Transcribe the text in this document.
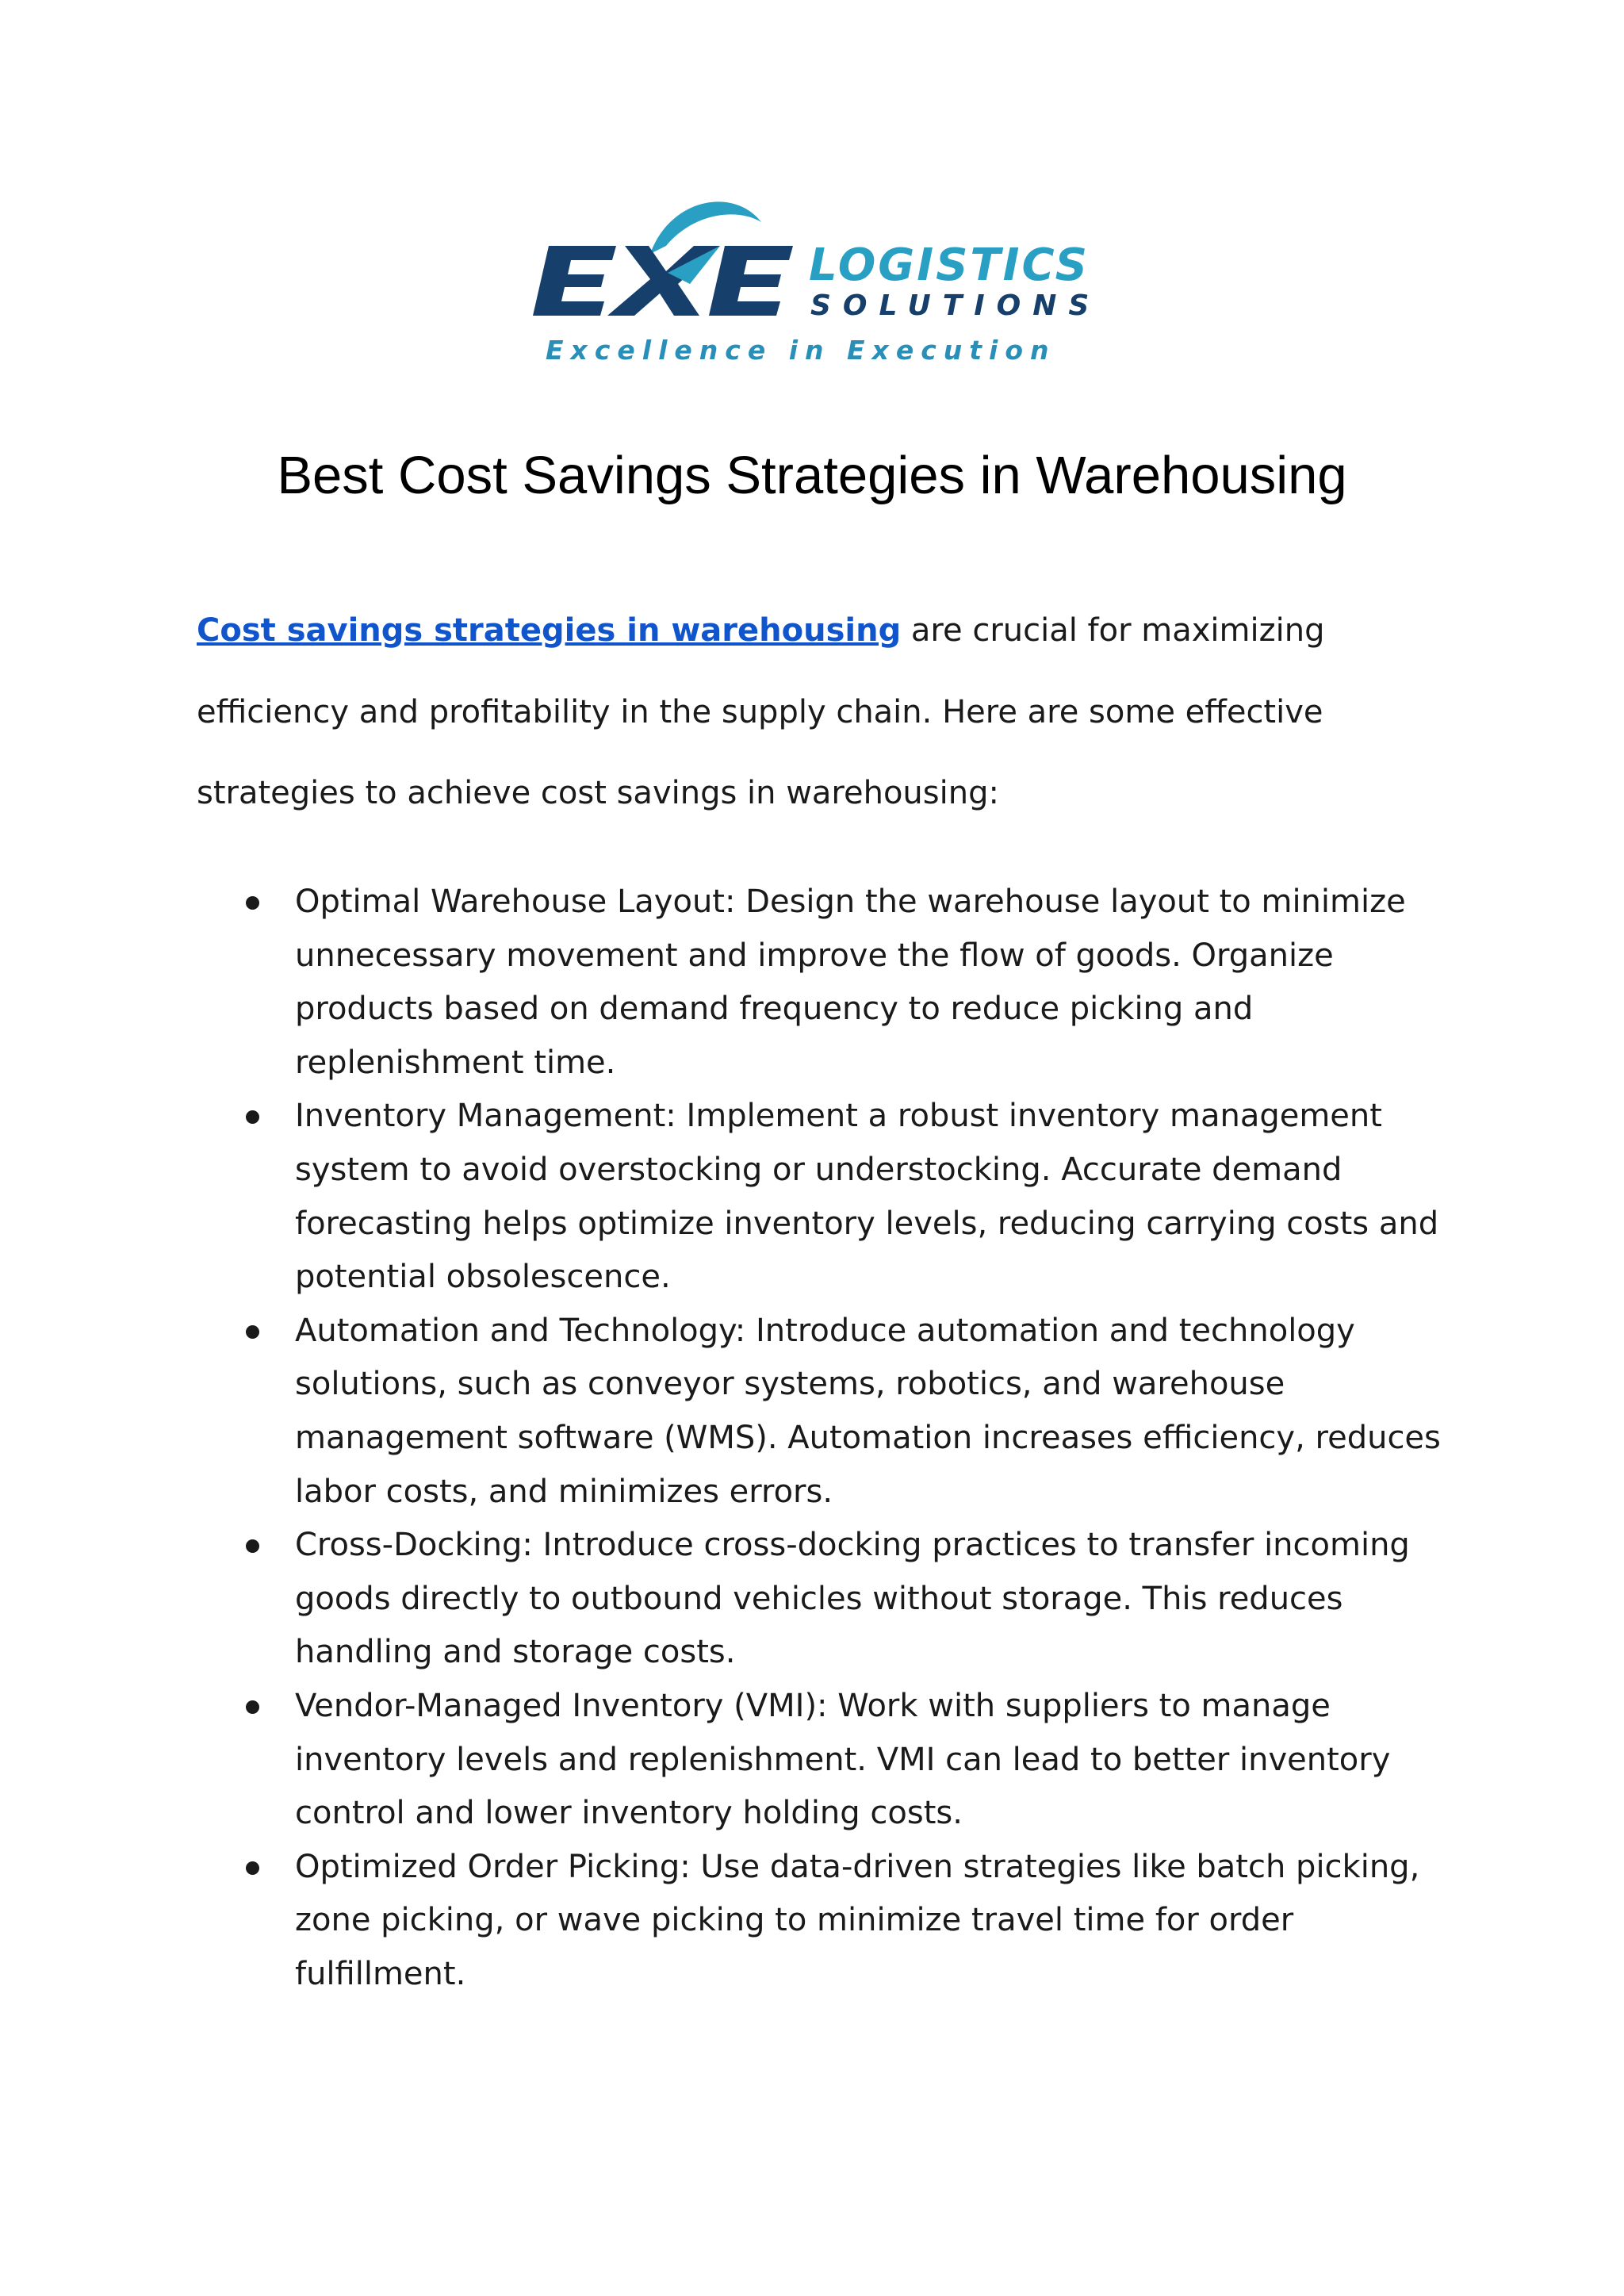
LOGISTICS
SOLUTIONS
Excellence in Execution
Best Cost Savings Strategies in Warehousing

Cost savings strategies in warehousing are crucial for maximizing efficiency and profitability in the supply chain. Here are some effective strategies to achieve cost savings in warehousing:

Optimal Warehouse Layout: Design the warehouse layout to minimize unnecessary movement and improve the flow of goods. Organize products based on demand frequency to reduce picking and replenishment time.
Inventory Management: Implement a robust inventory management system to avoid overstocking or understocking. Accurate demand forecasting helps optimize inventory levels, reducing carrying costs and potential obsolescence.
Automation and Technology: Introduce automation and technology solutions, such as conveyor systems, robotics, and warehouse management software (WMS). Automation increases efficiency, reduces labor costs, and minimizes errors.
Cross-Docking: Introduce cross-docking practices to transfer incoming goods directly to outbound vehicles without storage. This reduces handling and storage costs.
Vendor-Managed Inventory (VMI): Work with suppliers to manage inventory levels and replenishment. VMI can lead to better inventory control and lower inventory holding costs.
Optimized Order Picking: Use data-driven strategies like batch picking, zone picking, or wave picking to minimize travel time for order fulfillment.
